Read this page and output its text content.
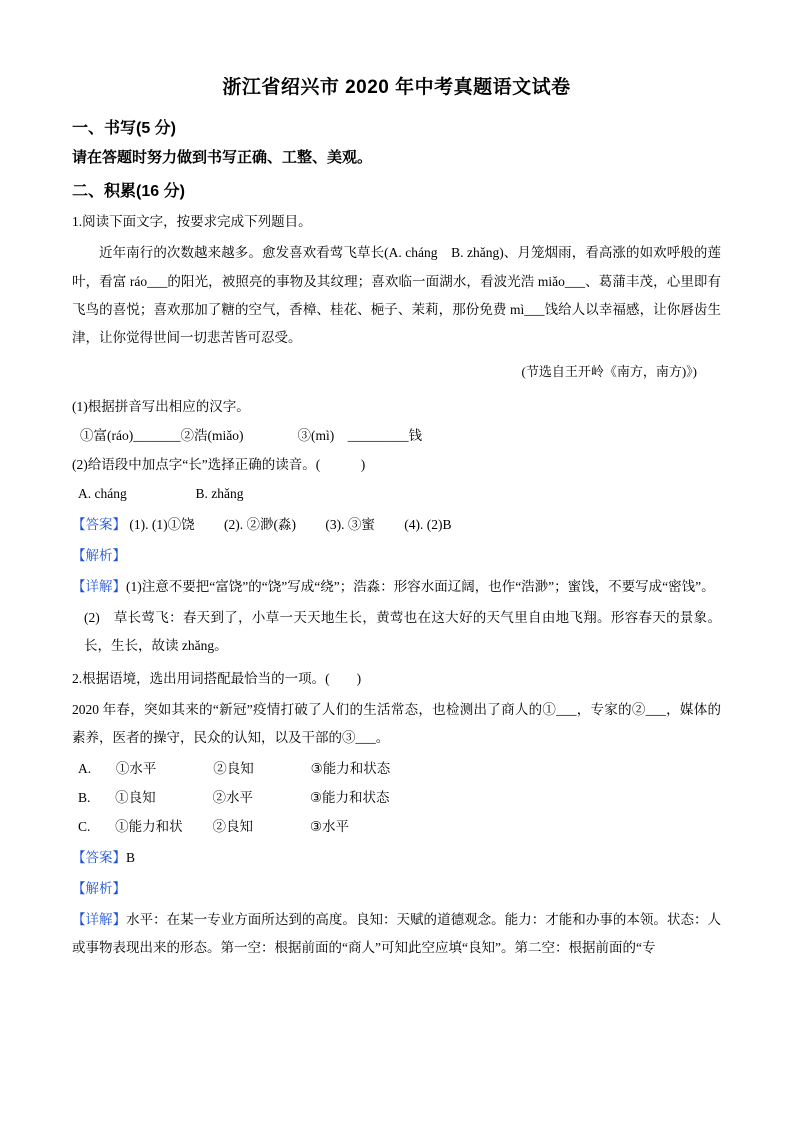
浙江省绍兴市 2020 年中考真题语文试卷
一、书写(5 分)
请在答题时努力做到书写正确、工整、美观。
二、积累(16 分)
1.阅读下面文字，按要求完成下列题目。
近年南行的次数越来越多。愈发喜欢看莺飞草长(A. cháng　B. zhǎng)、月笼烟雨，看高涨的如欢呼般的莲叶，看富 ráo___的阳光，被照亮的事物及其纹理；喜欢临一面湖水，看波光浩 miǎo___、葛蒲丰茂，心里即有飞鸟的喜悦；喜欢那加了糖的空气，香樟、桂花、梔子、茉莉，那份免费 mì___饯给人以幸福感，让你唇齿生津，让你觉得世间一切悲苦皆可忍受。
(节选自王开岭《南方，南方)》)
(1)根据拼音写出相应的汉字。
①富(ráo)_______②浩(miǎo)　　　　③(mì)　_________钱
(2)给语段中加点字“长”选择正确的读音。(　　　)
A. cháng	B. zhǎng
【答案】 (1). (1)①饶 (2). ②渺(淼) (3). ③蜜 (4). (2)B
【解析】
【详解】(1)注意不要把“富饶”的“饶”写成“绕”；浩淼：形容水面辽阔，也作“浩渺”；蜜饯，不要写成“密饯”。
(2)　草长莺飞：春天到了，小草一天天地生长，黄莺也在这大好的天气里自由地飞翔。形容春天的景象。长，生长，故读 zhǎng。
2.根据语境，选出用词搭配最恰当的一项。(　　)
2020 年春，突如其来的“新冠”疫情打破了人们的生活常态，也检测出了商人的①___，专家的②___，媒体的素养，医者的操守，民众的认知，以及干部的③___。
A. ①水平	②良知	③能力和状态
B. ①良知	②水平	③能力和状态
C. ①能力和状 ②良知	③水平
【答案】B
【解析】
【详解】水平：在某一专业方面所达到的高度。良知：天赋的道德观念。能力：才能和办事的本领。状态：人或事物表现出来的形态。第一空：根据前面的“商人”可知此空应填“良知”。第二空：根据前面的“专
